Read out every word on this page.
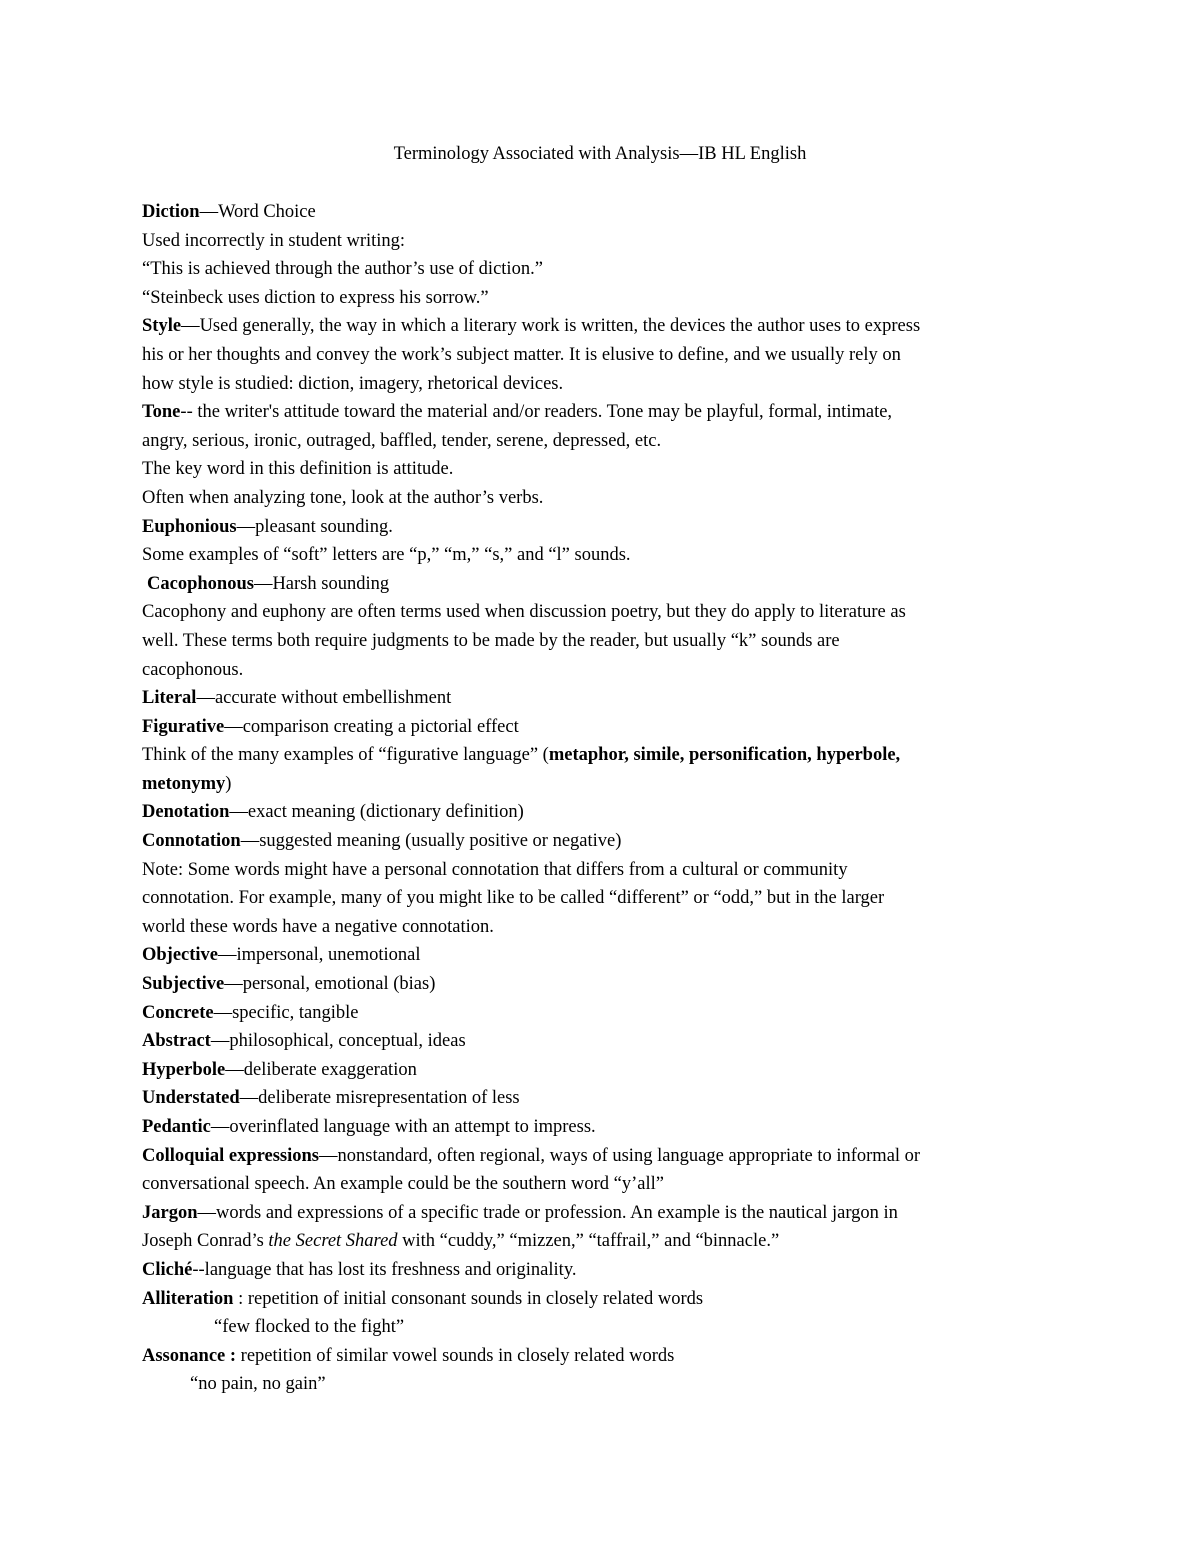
Terminology Associated with Analysis—IB HL English
Diction—Word Choice
Used incorrectly in student writing:
“This is achieved through the author’s use of diction.”
“Steinbeck uses diction to express his sorrow.”
Style—Used generally, the way in which a literary work is written, the devices the author uses to express
his or her thoughts and convey the work’s subject matter. It is elusive to define, and we usually rely on
how style is studied: diction, imagery, rhetorical devices.
Tone-- the writer's attitude toward the material and/or readers. Tone may be playful, formal, intimate,
angry, serious, ironic, outraged, baffled, tender, serene, depressed, etc.
The key word in this definition is attitude.
Often when analyzing tone, look at the author’s verbs.
Euphonious—pleasant sounding.
Some examples of “soft” letters are “p,” “m,” “s,” and “l” sounds.
Cacophonous—Harsh sounding
Cacophony and euphony are often terms used when discussion poetry, but they do apply to literature as
well. These terms both require judgments to be made by the reader, but usually “k” sounds are
cacophonous.
Literal—accurate without embellishment
Figurative—comparison creating a pictorial effect
Think of the many examples of “figurative language” (metaphor, simile, personification, hyperbole,
metonymy)
Denotation—exact meaning (dictionary definition)
Connotation—suggested meaning (usually positive or negative)
Note: Some words might have a personal connotation that differs from a cultural or community
connotation. For example, many of you might like to be called “different” or “odd,” but in the larger
world these words have a negative connotation.
Objective—impersonal, unemotional
Subjective—personal, emotional (bias)
Concrete—specific, tangible
Abstract—philosophical, conceptual, ideas
Hyperbole—deliberate exaggeration
Understated—deliberate misrepresentation of less
Pedantic—overinflated language with an attempt to impress.
Colloquial expressions—nonstandard, often regional, ways of using language appropriate to informal or
conversational speech. An example could be the southern word “y’all”
Jargon—words and expressions of a specific trade or profession. An example is the nautical jargon in
Joseph Conrad’s the Secret Shared with “cuddy,” “mizzen,” “taffrail,” and “binnacle.”
Cliché--language that has lost its freshness and originality.
Alliteration : repetition of initial consonant sounds in closely related words
“few flocked to the fight”
Assonance : repetition of similar vowel sounds in closely related words
“no pain, no gain”
